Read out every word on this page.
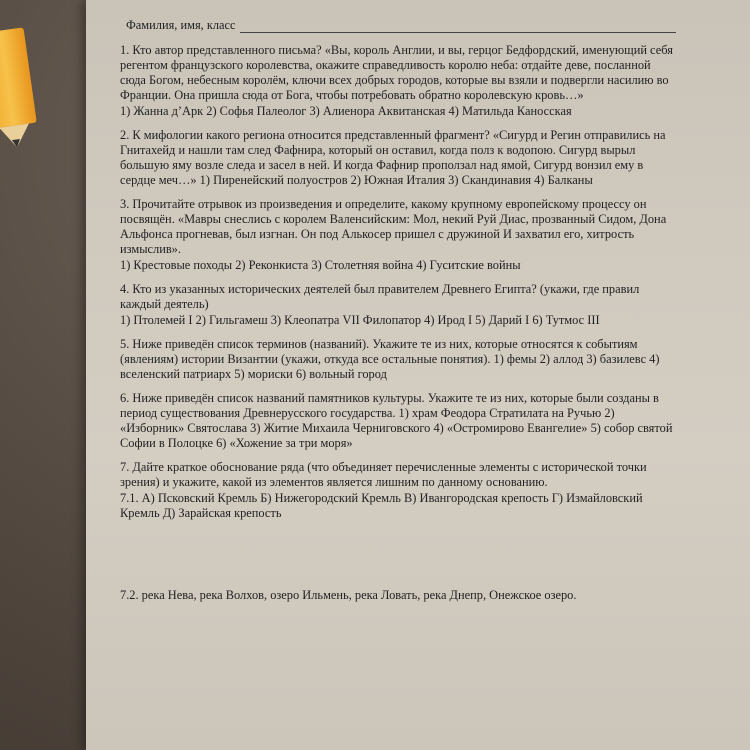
Фамилия, имя, класс

1. Кто автор представленного письма? «Вы, король Англии, и вы, герцог Бедфордский, именующий себя регентом французского королевства, окажите справедливость королю неба: отдайте деве, посланной сюда Богом, небесным королём, ключи всех добрых городов, которые вы взяли и подвергли насилию во Франции. Она пришла сюда от Бога, чтобы потребовать обратно королевскую кровь…»

1) Жанна д’Арк 2) Софья Палеолог 3) Алиенора Аквитанская 4) Матильда Каносская

2. К мифологии какого региона относится представленный фрагмент? «Сигурд и Регин отправились на Гнитахейд и нашли там след Фафнира, который он оставил, когда полз к водопою. Сигурд вырыл большую яму возле следа и засел в ней. И когда Фафнир проползал над ямой, Сигурд вонзил ему в сердце меч…» 1) Пиренейский полуостров 2) Южная Италия 3) Скандинавия 4) Балканы

3. Прочитайте отрывок из произведения и определите, какому крупному европейскому процессу он посвящён. «Мавры снеслись с королем Валенсийским: Мол, некий Руй Диас, прозванный Сидом, Дона Альфонса прогневав, был изгнан. Он под Алькосер пришел с дружиной И захватил его, хитрость измыслив».

1) Крестовые походы 2) Реконкиста 3) Столетняя война 4) Гуситские войны

4. Кто из указанных исторических деятелей был правителем Древнего Египта? (укажи, где правил каждый деятель)

1) Птолемей I 2) Гильгамеш 3) Клеопатра VII Филопатор 4) Ирод I 5) Дарий I 6) Тутмос III

5. Ниже приведён список терминов (названий). Укажите те из них, которые относятся к событиям (явлениям) истории Византии (укажи, откуда все остальные понятия). 1) фемы 2) аллод 3) базилевс 4) вселенский патриарх 5) мориски 6) вольный город

6. Ниже приведён список названий памятников культуры. Укажите те из них, которые были созданы в период существования Древнерусского государства. 1) храм Феодора Стратилата на Ручью 2) «Изборник» Святослава 3) Житие Михаила Черниговского 4) «Остромирово Евангелие» 5) собор святой Софии в Полоцке 6) «Хожение за три моря»

7. Дайте краткое обоснование ряда (что объединяет перечисленные элементы с исторической точки зрения) и укажите, какой из элементов является лишним по данному основанию.

7.1. А) Псковский Кремль Б) Нижегородский Кремль В) Ивангородская крепость Г) Измайловский Кремль Д) Зарайская крепость

7.2. река Нева, река Волхов, озеро Ильмень, река Ловать, река Днепр, Онежское озеро.
